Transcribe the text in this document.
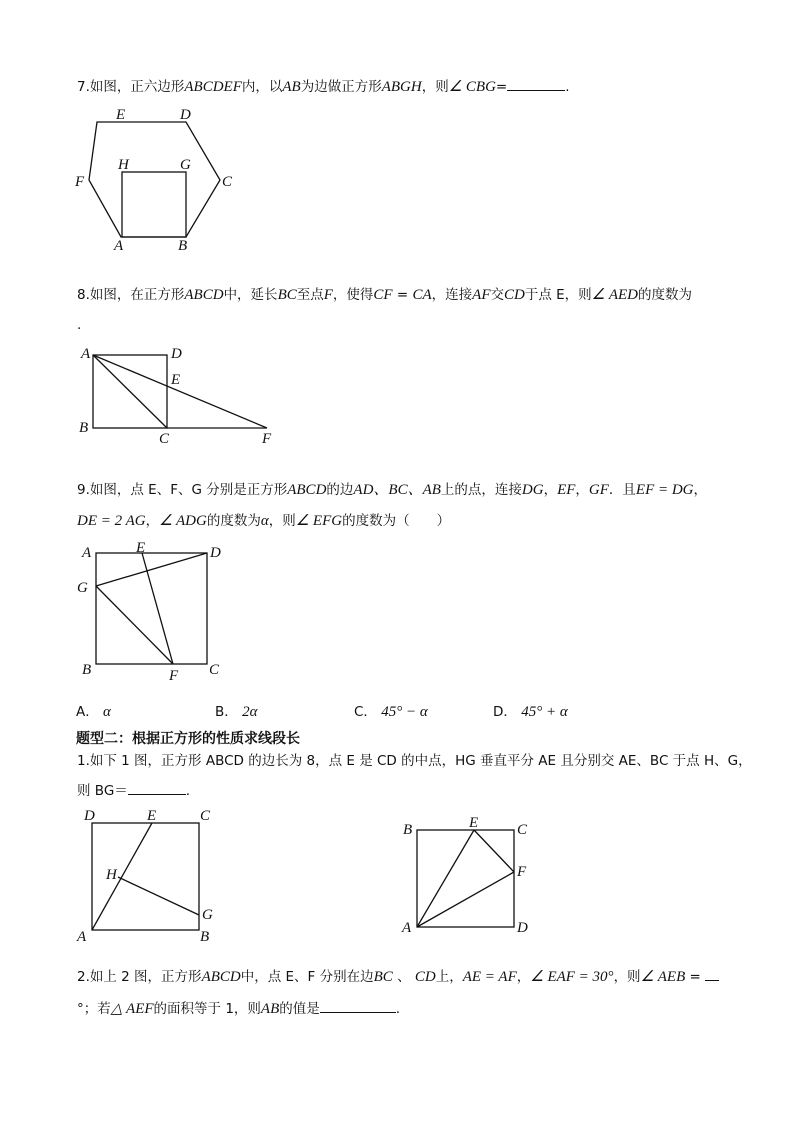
7.如图，正六边形ABCDEF内，以AB为边做正方形ABGH，则∠ CBG=	.
E	D
H	G
F	C
A	B
8.如图，在正方形ABCD中，延长BC至点F，使得CF = CA，连接AF交CD于点 E，则∠ AED的度数为
.
A	D
E
B
C	F
9.如图，点 E、F、G 分别是正方形ABCD的边AD、BC、AB上的点，连接DG，EF，GF．且EF = DG，
DE = 2 AG，∠ ADG的度数为α，则∠ EFG的度数为（　　）
A	E	D
G
B	F C
A． α	B． 2α	C． 45° − α	D． 45° + α
题型二：根据正方形的性质求线段长
1.如下 1 图，正方形 ABCD 的边长为 8，点 E 是 CD 的中点，HG 垂直平分 AE 且分别交 AE、BC 于点 H、G，
则 BG＝	.
D	E	C
H
G
A	B
B	E	C
F
A	D
2.如上 2 图，正方形ABCD中，点 E、F 分别在边BC 、 CD上，AE = AF，∠ EAF = 30°，则∠ AEB =
°；若△ AEF的面积等于 1，则AB的值是	.
